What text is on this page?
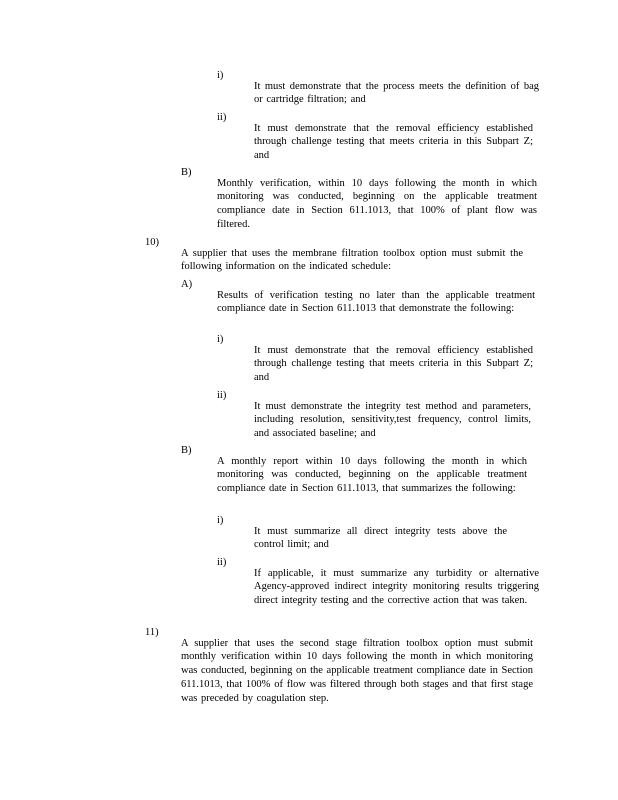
i)

It must demonstrate that the process meets the definition of bag or cartridge filtration; and

ii)

It must demonstrate that the removal efficiency established through challenge testing that meets criteria in this Subpart Z; and

B)

Monthly verification, within 10 days following the month in which monitoring was conducted, beginning on the applicable treatment compliance date in Section 611.1013, that 100% of plant flow was filtered.

10)

A supplier that uses the membrane filtration toolbox option must submit the following information on the indicated schedule:

A)

Results of verification testing no later than the applicable treatment compliance date in Section 611.1013 that demonstrate the following:

i)

It must demonstrate that the removal efficiency established through challenge testing that meets criteria in this Subpart Z; and

ii)

It must demonstrate the integrity test method and parameters, including resolution, sensitivity,test frequency, control limits, and associated baseline; and

B)

A monthly report within 10 days following the month in which monitoring was conducted, beginning on the applicable treatment compliance date in Section 611.1013, that summarizes the following:

i)

It must summarize all direct integrity tests above the control limit; and

ii)

If applicable, it must summarize any turbidity or alternative Agency-approved indirect integrity monitoring results triggering direct integrity testing and the corrective action that was taken.

11)

A supplier that uses the second stage filtration toolbox option must submit monthly verification within 10 days following the month in which monitoring was conducted, beginning on the applicable treatment compliance date in Section 611.1013, that 100% of flow was filtered through both stages and that first stage was preceded by coagulation step.
